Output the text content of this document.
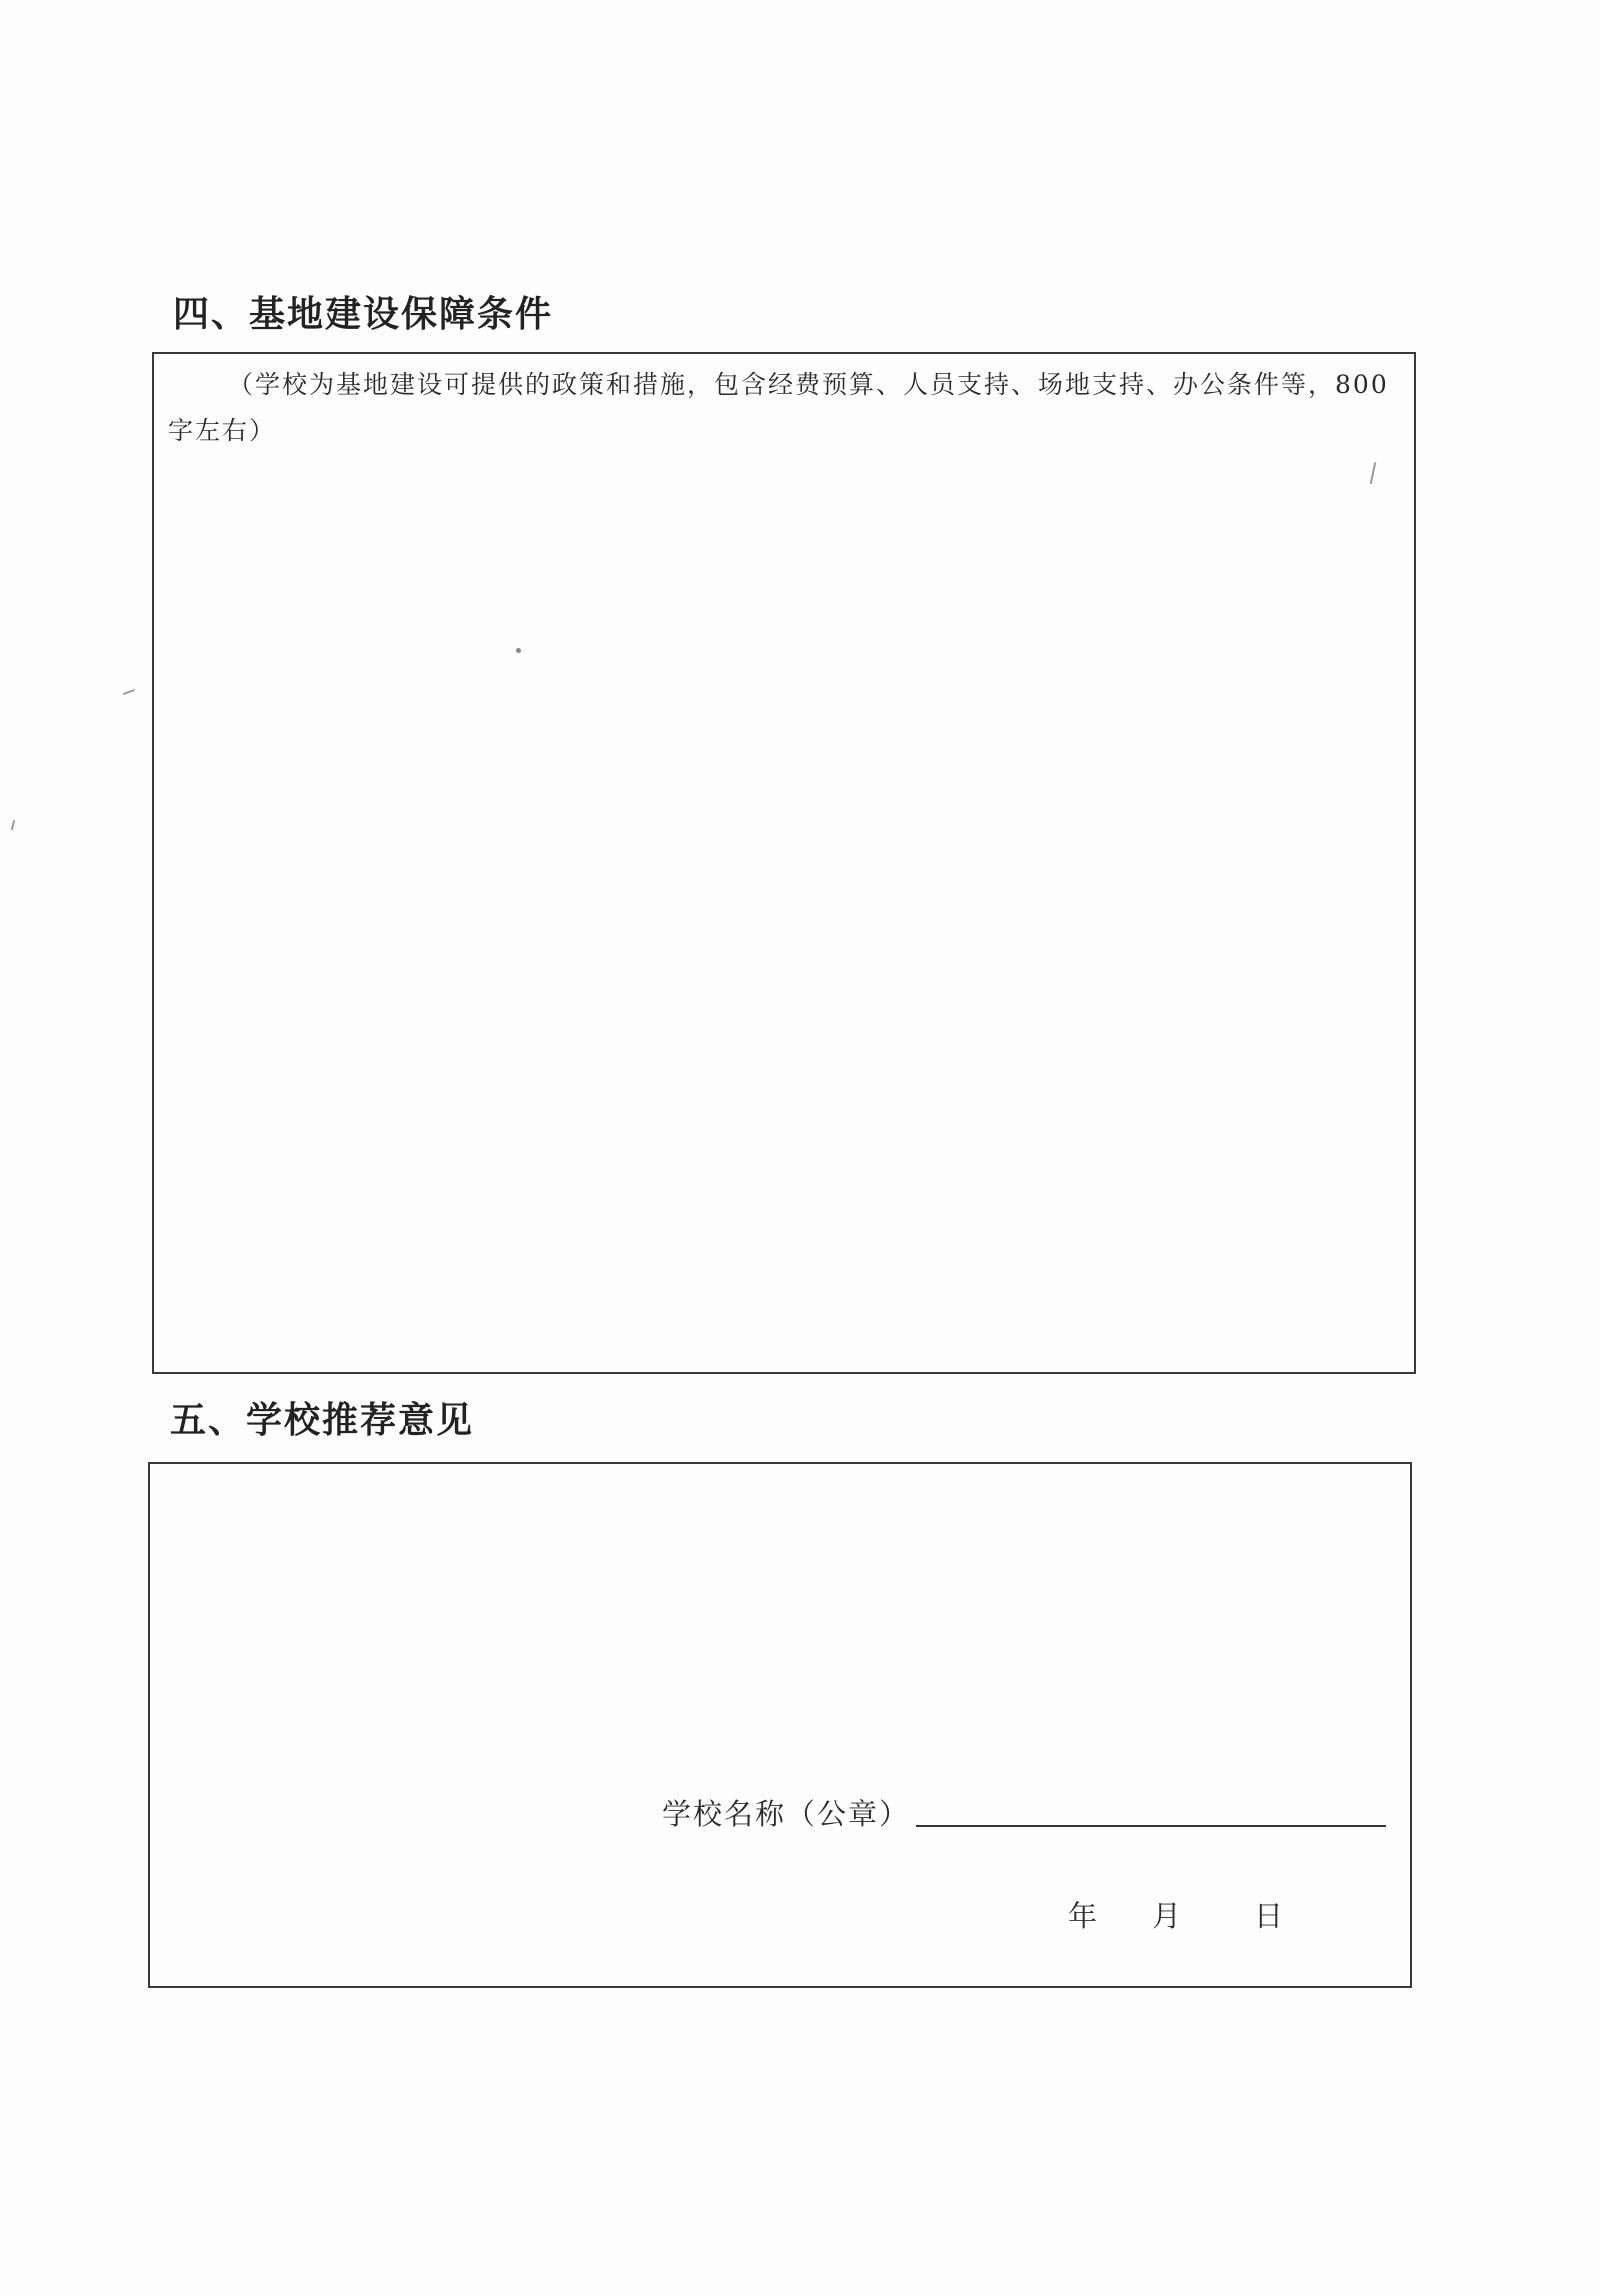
四、基地建设保障条件
（学校为基地建设可提供的政策和措施，包含经费预算、人员支持、场地支持、办公条件等，800字左右）
五、学校推荐意见
学校名称（公章）
年 月	日
